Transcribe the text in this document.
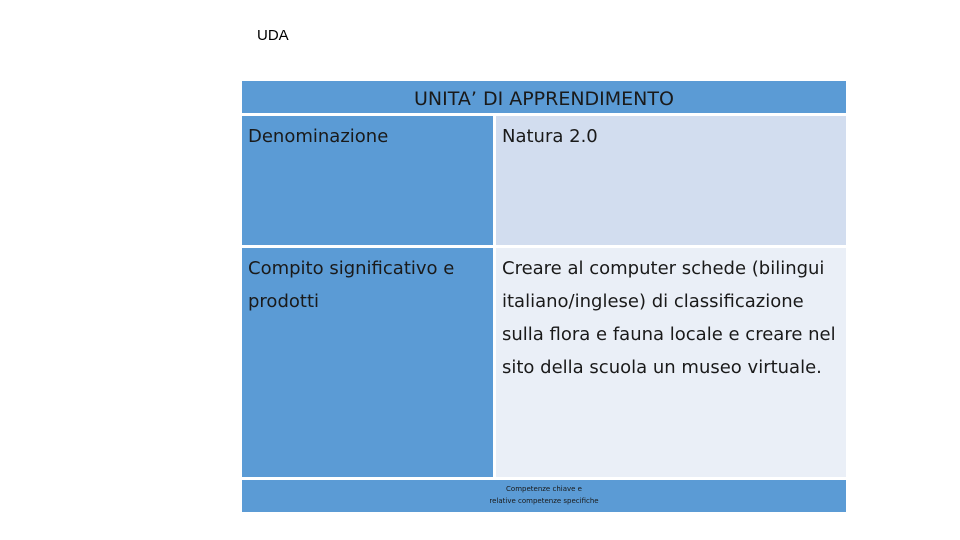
UDA
UNITA’ DI APPRENDIMENTO
Denominazione	Natura 2.0
Compito significativo e prodotti
Creare al computer schede (bilingui italiano/inglese) di classificazione sulla flora e fauna locale e creare nel sito della scuola un museo virtuale.
Competenze chiave e
relative competenze specifiche
